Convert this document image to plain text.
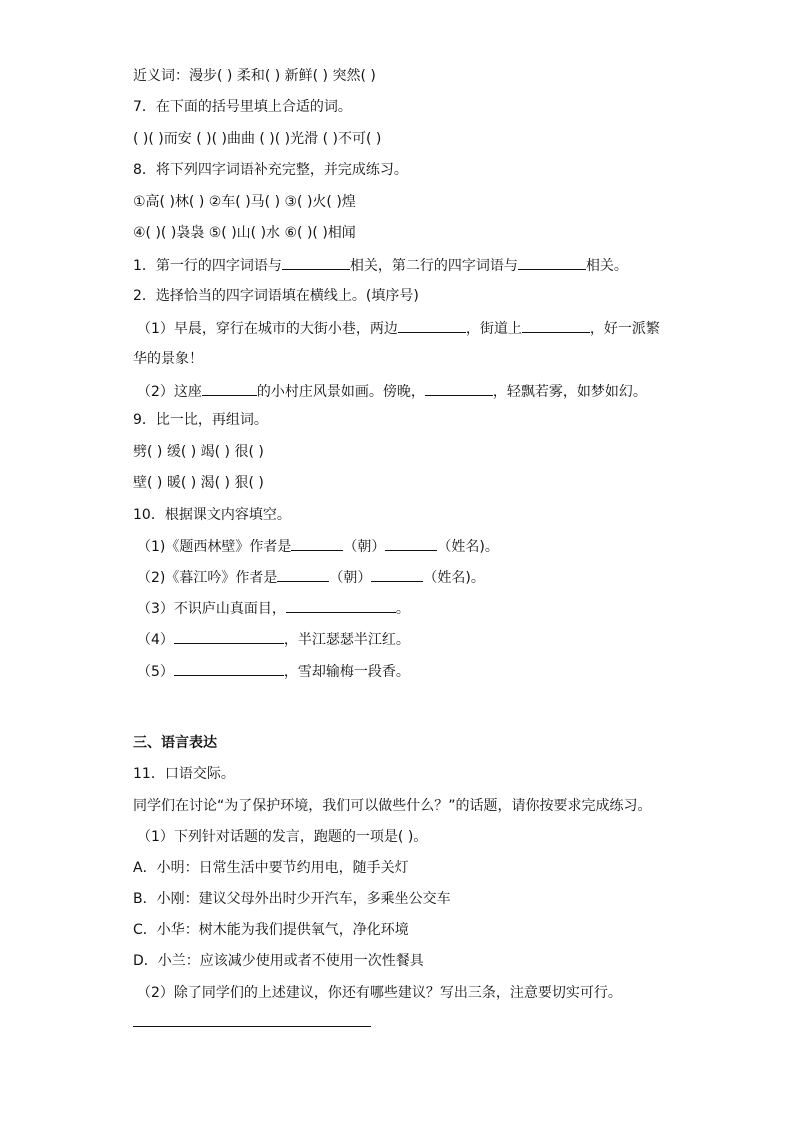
近义词：漫步( ) 柔和( ) 新鲜( ) 突然( )
7．在下面的括号里填上合适的词。
( )( )而安 ( )( )曲曲 ( )( )光滑 ( )不可( )
8．将下列四字词语补充完整，并完成练习。
①高( )林( ) ②车( )马( ) ③( )火( )煌
④( )( )袅袅 ⑤( )山( )水 ⑥( )( )相闻
1．第一行的四字词语与	相关，第二行的四字词语与	相关。
2．选择恰当的四字词语填在横线上。(填序号)
（1）早晨，穿行在城市的大街小巷，两边	，街道上	，好一派繁
华的景象！
（2）这座	的小村庄风景如画。傍晚，	，轻飘若雾，如梦如幻。
9．比一比，再组词。
劈( ) 缓( ) 竭( ) 很( )
壁( ) 暖( ) 渴( ) 狠( )
10．根据课文内容填空。
（1)《题西林壁》作者是	（朝）	（姓名)。
（2)《暮江吟》作者是	（朝）	（姓名)。
（3）不识庐山真面目，	。
（4）	，半江瑟瑟半江红。
（5）	，雪却输梅一段香。
三、语言表达
11．口语交际。
同学们在讨论“为了保护环境，我们可以做些什么？”的话题，请你按要求完成练习。
（1）下列针对话题的发言，跑题的一项是( )。
A．小明：日常生活中要节约用电，随手关灯
B．小刚：建议父母外出时少开汽车，多乘坐公交车
C．小华：树木能为我们提供氧气，净化环境
D．小兰：应该减少使用或者不使用一次性餐具
（2）除了同学们的上述建议，你还有哪些建议？写出三条，注意要切实可行。
